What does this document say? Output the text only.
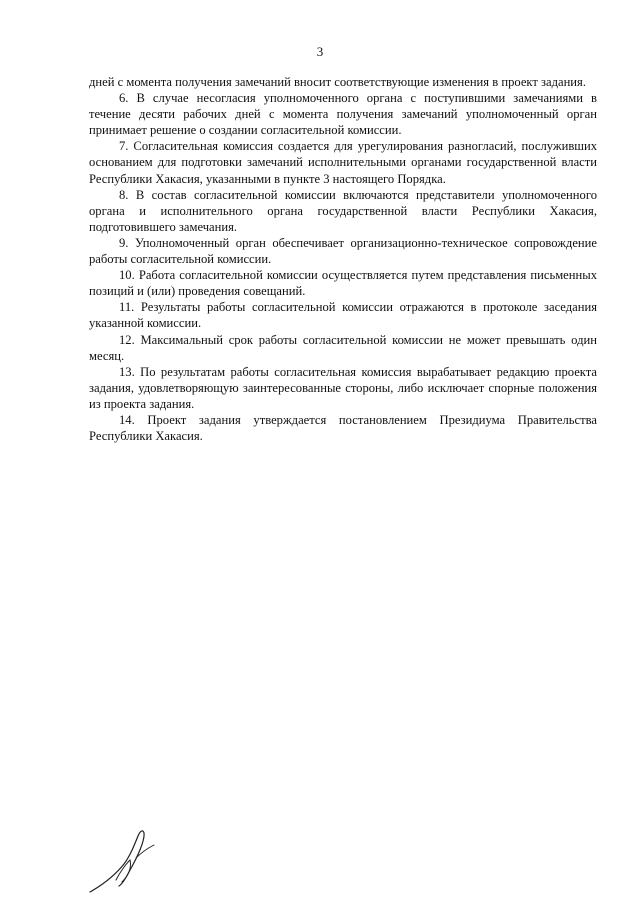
3

дней с момента получения замечаний вносит соответствующие изменения в проект задания.

6. В случае несогласия уполномоченного органа с поступившими замечаниями в течение десяти рабочих дней с момента получения замечаний уполномоченный орган принимает решение о создании согласительной комиссии.

7. Согласительная комиссия создается для урегулирования разногласий, послуживших основанием для подготовки замечаний исполнительными органами государственной власти Республики Хакасия, указанными в пункте 3 настоящего Порядка.

8. В состав согласительной комиссии включаются представители уполномоченного органа и исполнительного органа государственной власти Республики Хакасия, подготовившего замечания.

9. Уполномоченный орган обеспечивает организационно-техническое сопровождение работы согласительной комиссии.

10. Работа согласительной комиссии осуществляется путем представления письменных позиций и (или) проведения совещаний.

11. Результаты работы согласительной комиссии отражаются в протоколе заседания указанной комиссии.

12. Максимальный срок работы согласительной комиссии не может превышать один месяц.

13. По результатам работы согласительная комиссия вырабатывает редакцию проекта задания, удовлетворяющую заинтересованные стороны, либо исключает спорные положения из проекта задания.

14. Проект задания утверждается постановлением Президиума Правительства Республики Хакасия.
